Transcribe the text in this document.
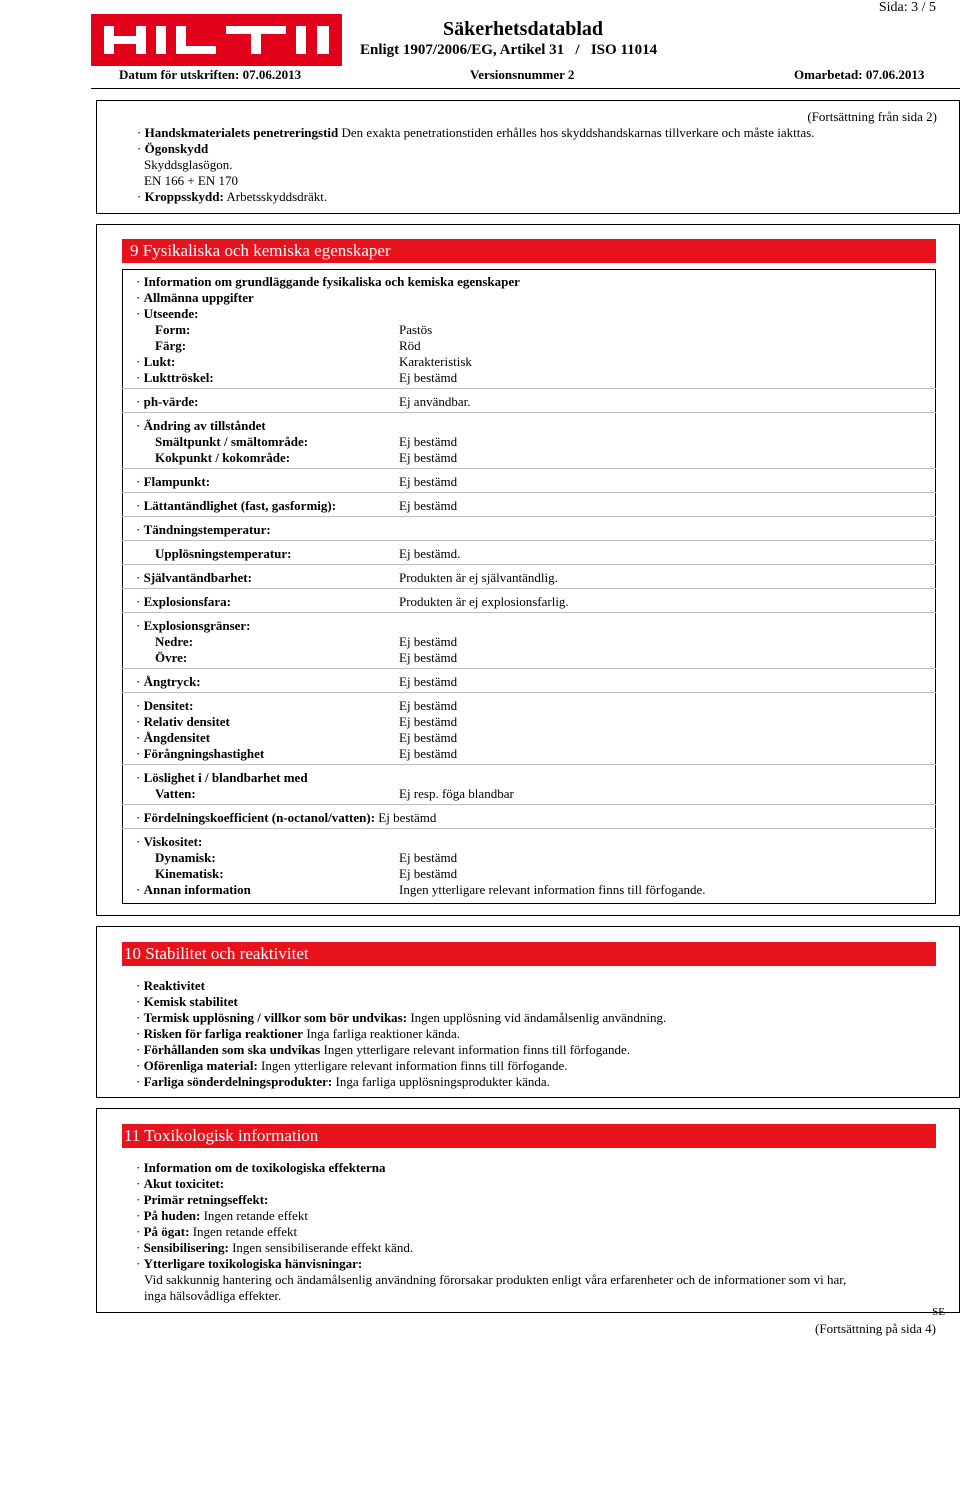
Sida: 3 / 5
Säkerhetsdatablad
Enligt 1907/2006/EG, Artikel 31   /   ISO 11014
Datum för utskriften: 07.06.2013	Versionsnummer 2	Omarbetad: 07.06.2013
(Fortsättning från sida 2)
· Handskmaterialets penetreringstid Den exakta penetrationstiden erhålles hos skyddshandskarnas tillverkare och måste iakttas.
· Ögonskydd
Skyddsglasögon.
EN 166 + EN 170
· Kroppsskydd: Arbetsskyddsdräkt.
9 Fysikaliska och kemiska egenskaper
· Information om grundläggande fysikaliska och kemiska egenskaper
· Allmänna uppgifter
· Utseende:
Form:	Pastös
Färg:	Röd
· Lukt:	Karakteristisk
· Lukttröskel:	Ej bestämd
· ph-värde:	Ej användbar.
· Ändring av tillståndet
Smältpunkt / smältområde:	Ej bestämd
Kokpunkt / kokområde:	Ej bestämd
· Flampunkt:	Ej bestämd
· Lättantändlighet (fast, gasformig):	Ej bestämd
· Tändningstemperatur:
Upplösningstemperatur:	Ej bestämd.
· Självantändbarhet:	Produkten är ej självantändlig.
· Explosionsfara:	Produkten är ej explosionsfarlig.
· Explosionsgränser:
Nedre:	Ej bestämd
Övre:	Ej bestämd
· Ångtryck:	Ej bestämd
· Densitet:	Ej bestämd
· Relativ densitet	Ej bestämd
· Ångdensitet	Ej bestämd
· Förångningshastighet	Ej bestämd
· Löslighet i / blandbarhet med
Vatten:	Ej resp. föga blandbar
· Fördelningskoefficient (n-octanol/vatten): Ej bestämd
· Viskositet:
Dynamisk:	Ej bestämd
Kinematisk:	Ej bestämd
· Annan information	Ingen ytterligare relevant information finns till förfogande.
10 Stabilitet och reaktivitet
· Reaktivitet
· Kemisk stabilitet
· Termisk upplösning / villkor som bör undvikas: Ingen upplösning vid ändamålsenlig användning.
· Risken för farliga reaktioner Inga farliga reaktioner kända.
· Förhållanden som ska undvikas Ingen ytterligare relevant information finns till förfogande.
· Oförenliga material: Ingen ytterligare relevant information finns till förfogande.
· Farliga sönderdelningsprodukter: Inga farliga upplösningsprodukter kända.
11 Toxikologisk information
· Information om de toxikologiska effekterna
· Akut toxicitet:
· Primär retningseffekt:
· På huden: Ingen retande effekt
· På ögat: Ingen retande effekt
· Sensibilisering: Ingen sensibiliserande effekt känd.
· Ytterligare toxikologiska hänvisningar:
Vid sakkunnig hantering och ändamålsenlig användning förorsakar produkten enligt våra erfarenheter och de informationer som vi har,
inga hälsovådliga effekter.
SE
(Fortsättning på sida 4)
